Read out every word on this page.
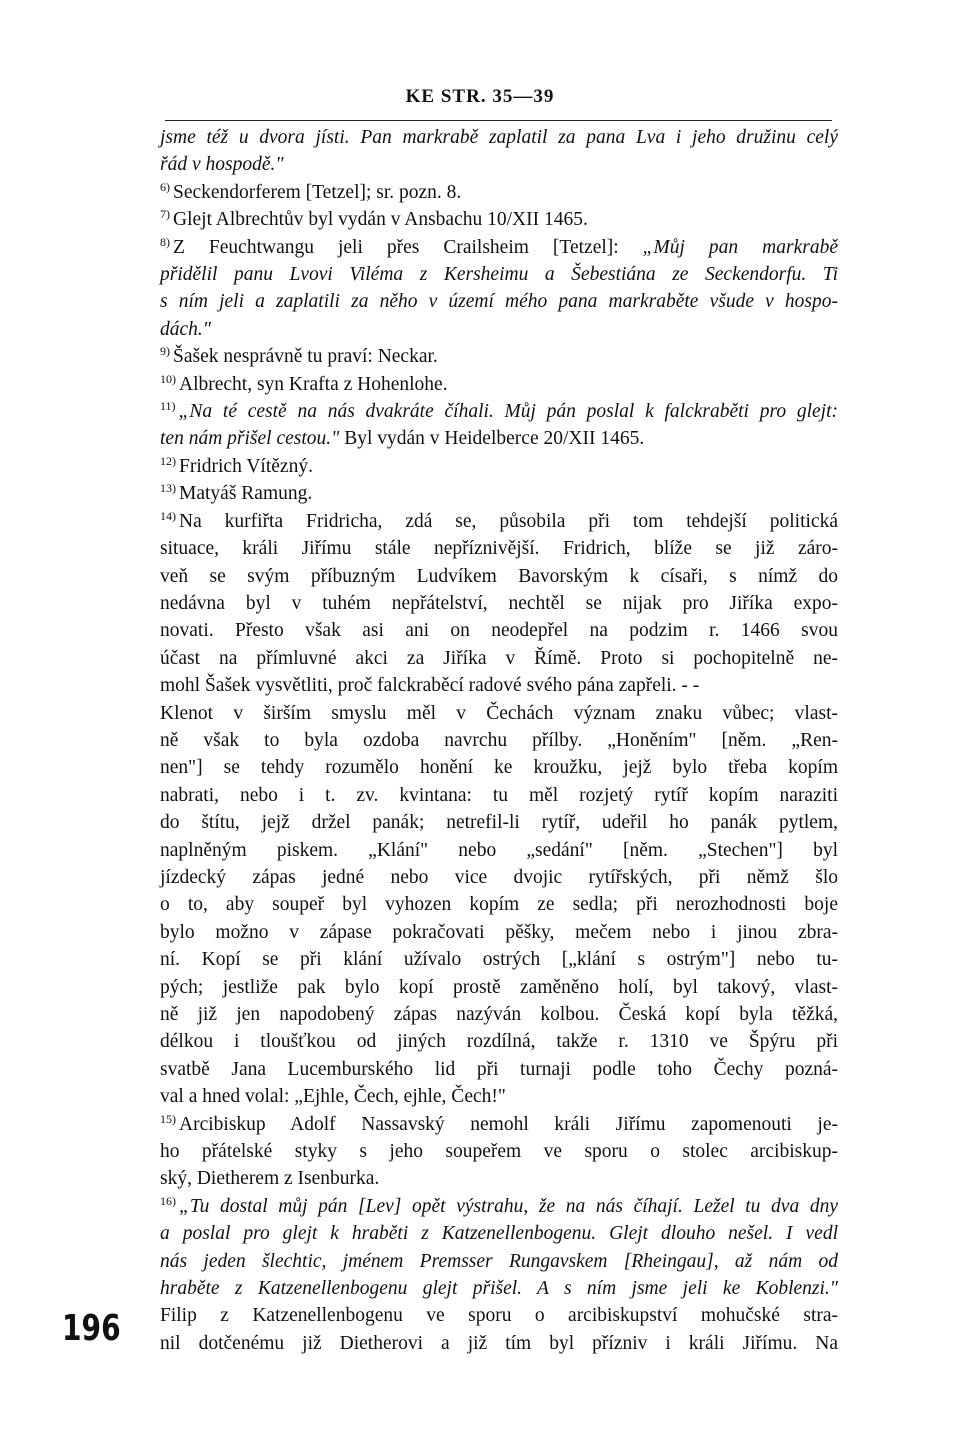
KE STR. 35—39
jsme též u dvora jísti. Pan markrabě zaplatil za pana Lva i jeho družinu celý
řád v hospodě."
$^{6)}$ Seckendorferem [Tetzel]; sr. pozn. 8.
$^{7)}$ Glejt Albrechtův byl vydán v Ansbachu 10/XII 1465.
$^{8)}$ Z Feuchtwangu jeli přes Crailsheim [Tetzel]: „Můj pan markrabě
přidělil panu Lvovi Viléma z Kersheimu a Šebestiána ze Seckendorfu. Ti
s ním jeli a zaplatili za něho v území mého pana markraběte všude v hospo-
dách."
$^{9)}$ Šašek nesprávně tu praví: Neckar.
$^{10)}$ Albrecht, syn Krafta z Hohenlohe.
$^{11)}$ „Na té cestě na nás dvakráte číhali. Můj pán poslal k falckraběti pro glejt:
ten nám přišel cestou." Byl vydán v Heidelberce 20/XII 1465.
$^{12)}$ Fridrich Vítězný.
$^{13)}$ Matyáš Ramung.
$^{14)}$ Na kurfiřta Fridricha, zdá se, působila při tom tehdejší politická
situace, králi Jiřímu stále nepříznivější. Fridrich, blíže se již záro-
veň se svým příbuzným Ludvíkem Bavorským k císaři, s nímž do
nedávna byl v tuhém nepřátelství, nechtěl se nijak pro Jiříka expo-
novati. Přesto však asi ani on neodepřel na podzim r. 1466 svou
účast na přímluvné akci za Jiříka v Římě. Proto si pochopitelně ne-
mohl Šašek vysvětliti, proč falckraběcí radové svého pána zapřeli. - -
Klenot v širším smyslu měl v Čechách význam znaku vůbec; vlast-
ně však to byla ozdoba navrchu přílby. „Honěním" [něm. „Ren-
nen"] se tehdy rozumělo honění ke kroužku, jejž bylo třeba kopím
nabrati, nebo i t. zv. kvintana: tu měl rozjetý rytíř kopím naraziti
do štítu, jejž držel panák; netrefil-li rytíř, udeřil ho panák pytlem,
naplněným piskem. „Klání" nebo „sedání" [něm. „Stechen"] byl
jízdecký zápas jedné nebo vice dvojic rytířských, při němž šlo
o to, aby soupeř byl vyhozen kopím ze sedla; při nerozhodnosti boje
bylo možno v zápase pokračovati pěšky, mečem nebo i jinou zbra-
ní. Kopí se při klání užívalo ostrých [„klání s ostrým"] nebo tu-
pých; jestliže pak bylo kopí prostě zaměněno holí, byl takový, vlast-
ně již jen napodobený zápas nazýván kolbou. Česká kopí byla těžká,
délkou i tloušťkou od jiných rozdílná, takže r. 1310 ve Špýru při
svatbě Jana Lucemburského lid při turnaji podle toho Čechy pozná-
val a hned volal: „Ejhle, Čech, ejhle, Čech!"
$^{15)}$ Arcibiskup Adolf Nassavský nemohl králi Jiřímu zapomenouti je-
ho přátelské styky s jeho soupeřem ve sporu o stolec arcibiskup-
ský, Dietherem z Isenburka.
$^{16)}$ „Tu dostal můj pán [Lev] opět výstrahu, že na nás číhají. Ležel tu dva dny
a poslal pro glejt k hraběti z Katzenellenbogenu. Glejt dlouho nešel. I vedl
nás jeden šlechtic, jménem Premsser Rungavskem [Rheingau], až nám od
hraběte z Katzenellenbogenu glejt přišel. A s ním jsme jeli ke Koblenzi."
Filip z Katzenellenbogenu ve sporu o arcibiskupství mohučské stra-
nil dotčenému již Dietherovi a již tím byl přízniv i králi Jiřímu. Na
196
